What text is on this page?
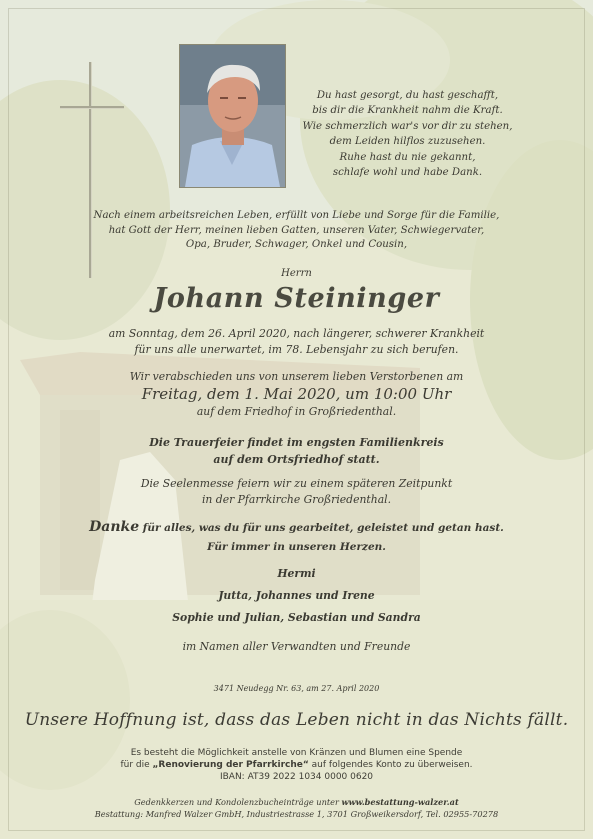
Du hast gesorgt, du hast geschafft,
bis dir die Krankheit nahm die Kraft.
Wie schmerzlich war's vor dir zu stehen,
dem Leiden hilflos zuzusehen.
Ruhe hast du nie gekannt,
schlafe wohl und habe Dank.
Nach einem arbeitsreichen Leben, erfüllt von Liebe und Sorge für die Familie,
hat Gott der Herr, meinen lieben Gatten, unseren Vater, Schwiegervater,
Opa, Bruder, Schwager, Onkel und Cousin,
Herrn
Johann Steininger
am Sonntag, dem 26. April 2020, nach längerer, schwerer Krankheit
für uns alle unerwartet, im 78. Lebensjahr zu sich berufen.
Wir verabschieden uns von unserem lieben Verstorbenen am
Freitag, dem 1. Mai 2020, um 10:00 Uhr
auf dem Friedhof in Großriedenthal.
Die Trauerfeier findet im engsten Familienkreis
auf dem Ortsfriedhof statt.
Die Seelenmesse feiern wir zu einem späteren Zeitpunkt
in der Pfarrkirche Großriedenthal.
Danke für alles, was du für uns gearbeitet, geleistet und getan hast.
Für immer in unseren Herzen.
Hermi
Jutta, Johannes und Irene
Sophie und Julian, Sebastian und Sandra
im Namen aller Verwandten und Freunde
3471 Neudegg Nr. 63, am 27. April 2020
Unsere Hoffnung ist, dass das Leben nicht in das Nichts fällt.
Es besteht die Möglichkeit anstelle von Kränzen und Blumen eine Spende
für die „Renovierung der Pfarrkirche“ auf folgendes Konto zu überweisen.
IBAN: AT39 2022 1034 0000 0620
Gedenkkerzen und Kondolenzbucheinträge unter www.bestattung-walzer.at
Bestattung: Manfred Walzer GmbH, Industriestrasse 1, 3701 Großweikersdorf, Tel. 02955-70278
